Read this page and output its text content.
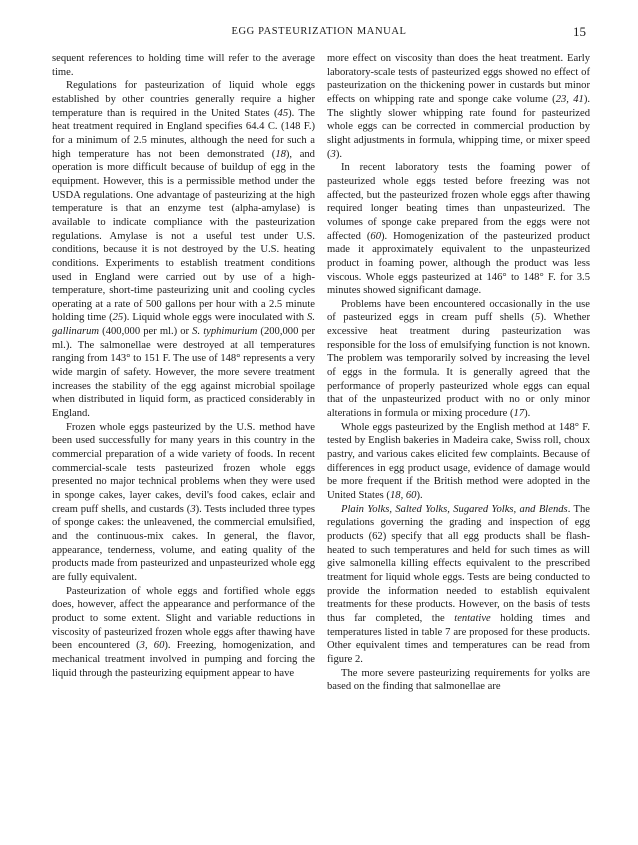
EGG PASTEURIZATION MANUAL	15

sequent references to holding time will refer to the average time.

Regulations for pasteurization of liquid whole eggs established by other countries generally require a higher temperature than is required in the United States (45). The heat treatment required in England specifies 64.4 C. (148 F.) for a minimum of 2.5 minutes, although the need for such a high temperature has not been demonstrated (18), and operation is more difficult because of buildup of egg in the equipment. However, this is a permissible method under the USDA regulations. One advantage of pasteurizing at the high temperature is that an enzyme test (alpha-amylase) is available to indicate compliance with the pasteurization regulations. Amylase is not a useful test under U.S. conditions, because it is not destroyed by the U.S. heating conditions. Experiments to establish treatment conditions used in England were carried out by use of a high-temperature, short-time pasteurizing unit and cooling cycles operating at a rate of 500 gallons per hour with a 2.5 minute holding time (25). Liquid whole eggs were inoculated with S. gallinarum (400,000 per ml.) or S. typhimurium (200,000 per ml.). The salmonellae were destroyed at all temperatures ranging from 143° to 151 F. The use of 148° represents a very wide margin of safety. However, the more severe treatment increases the stability of the egg against microbial spoilage when distributed in liquid form, as practiced considerably in England.

Frozen whole eggs pasteurized by the U.S. method have been used successfully for many years in this country in the commercial preparation of a wide variety of foods. In recent commercial-scale tests pasteurized frozen whole eggs presented no major technical problems when they were used in sponge cakes, layer cakes, devil's food cakes, eclair and cream puff shells, and custards (3). Tests included three types of sponge cakes: the unleavened, the commercial emulsified, and the continuous-mix cakes. In general, the flavor, appearance, tenderness, volume, and eating quality of the products made from pasteurized and unpasteurized whole egg are fully equivalent.

Pasteurization of whole eggs and fortified whole eggs does, however, affect the appearance and performance of the product to some extent. Slight and variable reductions in viscosity of pasteurized frozen whole eggs after thawing have been encountered (3, 60). Freezing, homogenization, and mechanical treatment involved in pumping and forcing the liquid through the pasteurizing equipment appear to have

more effect on viscosity than does the heat treatment. Early laboratory-scale tests of pasteurized eggs showed no effect of pasteurization on the thickening power in custards but minor effects on whipping rate and sponge cake volume (23, 41). The slightly slower whipping rate found for pasteurized whole eggs can be corrected in commercial production by slight adjustments in formula, whipping time, or mixer speed (3).

In recent laboratory tests the foaming power of pasteurized whole eggs tested before freezing was not affected, but the pasteurized frozen whole eggs after thawing required longer beating times than unpasteurized. The volumes of sponge cake prepared from the eggs were not affected (60). Homogenization of the pasteurized product made it approximately equivalent to the unpasteurized product in foaming power, although the product was less viscous. Whole eggs pasteurized at 146° to 148° F. for 3.5 minutes showed significant damage.

Problems have been encountered occasionally in the use of pasteurized eggs in cream puff shells (5). Whether excessive heat treatment during pasteurization was responsible for the loss of emulsifying function is not known. The problem was temporarily solved by increasing the level of eggs in the formula. It is generally agreed that the performance of properly pasteurized whole eggs can equal that of the unpasteurized product with no or only minor alterations in formula or mixing procedure (17).

Whole eggs pasteurized by the English method at 148° F. tested by English bakeries in Madeira cake, Swiss roll, choux pastry, and various cakes elicited few complaints. Because of differences in egg product usage, evidence of damage would be more frequent if the British method were adopted in the United States (18, 60).

Plain Yolks, Salted Yolks, Sugared Yolks, and Blends. The regulations governing the grading and inspection of egg products (62) specify that all egg products shall be flash-heated to such temperatures and held for such times as will give salmonella killing effects equivalent to the prescribed treatment for liquid whole eggs. Tests are being conducted to provide the information needed to establish equivalent treatments for these products. However, on the basis of tests thus far completed, the tentative holding times and temperatures listed in table 7 are proposed for these products. Other equivalent times and temperatures can be read from figure 2.

The more severe pasteurizing requirements for yolks are based on the finding that salmonellae are
